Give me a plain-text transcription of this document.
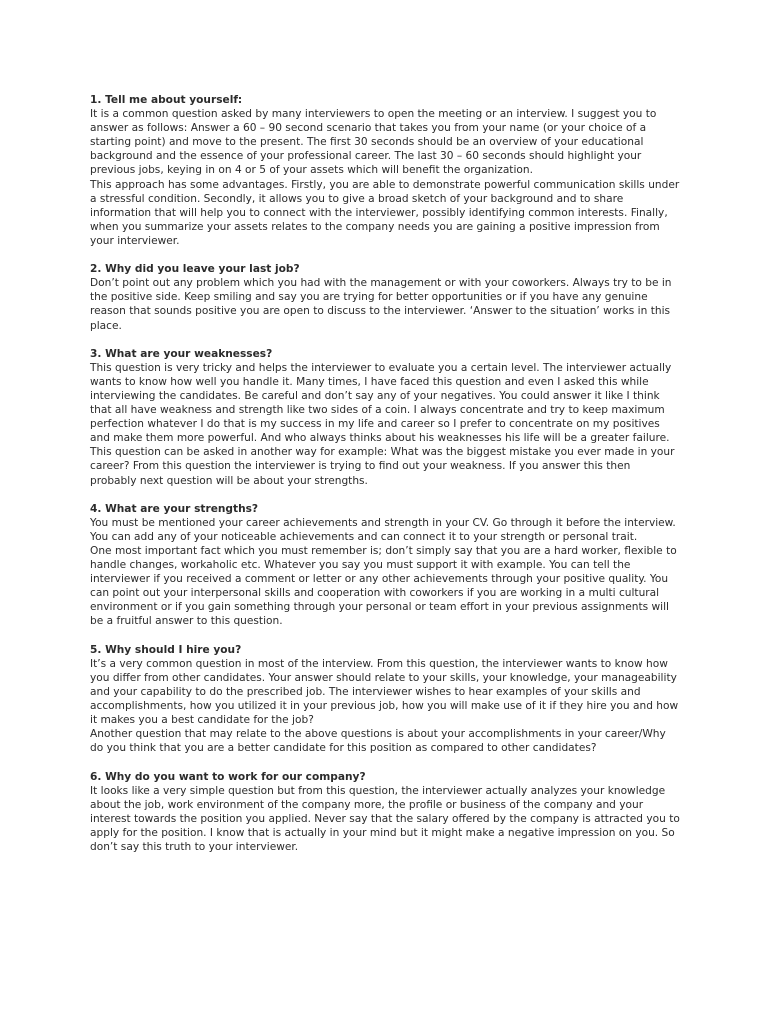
1. Tell me about yourself:

It is a common question asked by many interviewers to open the meeting or an interview. I suggest you to answer as follows: Answer a 60 – 90 second scenario that takes you from your name (or your choice of a starting point) and move to the present. The first 30 seconds should be an overview of your educational background and the essence of your professional career. The last 30 – 60 seconds should highlight your previous jobs, keying in on 4 or 5 of your assets which will benefit the organization.

This approach has some advantages. Firstly, you are able to demonstrate powerful communication skills under a stressful condition. Secondly, it allows you to give a broad sketch of your background and to share information that will help you to connect with the interviewer, possibly identifying common interests. Finally, when you summarize your assets relates to the company needs you are gaining a positive impression from your interviewer.

2. Why did you leave your last job?

Don’t point out any problem which you had with the management or with your coworkers. Always try to be in the positive side. Keep smiling and say you are trying for better opportunities or if you have any genuine reason that sounds positive you are open to discuss to the interviewer. ‘Answer to the situation’ works in this place.

3. What are your weaknesses?

This question is very tricky and helps the interviewer to evaluate you a certain level. The interviewer actually wants to know how well you handle it. Many times, I have faced this question and even I asked this while interviewing the candidates. Be careful and don’t say any of your negatives. You could answer it like I think that all have weakness and strength like two sides of a coin. I always concentrate and try to keep maximum perfection whatever I do that is my success in my life and career so I prefer to concentrate on my positives and make them more powerful. And who always thinks about his weaknesses his life will be a greater failure. This question can be asked in another way for example: What was the biggest mistake you ever made in your career? From this question the interviewer is trying to find out your weakness. If you answer this then probably next question will be about your strengths.

4. What are your strengths?

You must be mentioned your career achievements and strength in your CV. Go through it before the interview. You can add any of your noticeable achievements and can connect it to your strength or personal trait.

One most important fact which you must remember is; don’t simply say that you are a hard worker, flexible to handle changes, workaholic etc. Whatever you say you must support it with example. You can tell the interviewer if you received a comment or letter or any other achievements through your positive quality. You can point out your interpersonal skills and cooperation with coworkers if you are working in a multi cultural environment or if you gain something through your personal or team effort in your previous assignments will be a fruitful answer to this question.

5. Why should I hire you?

It’s a very common question in most of the interview. From this question, the interviewer wants to know how you differ from other candidates. Your answer should relate to your skills, your knowledge, your manageability and your capability to do the prescribed job. The interviewer wishes to hear examples of your skills and accomplishments, how you utilized it in your previous job, how you will make use of it if they hire you and how it makes you a best candidate for the job?

Another question that may relate to the above questions is about your accomplishments in your career/Why do you think that you are a better candidate for this position as compared to other candidates?

6. Why do you want to work for our company?

It looks like a very simple question but from this question, the interviewer actually analyzes your knowledge about the job, work environment of the company more, the profile or business of the company and your interest towards the position you applied. Never say that the salary offered by the company is attracted you to apply for the position. I know that is actually in your mind but it might make a negative impression on you. So don’t say this truth to your interviewer.
